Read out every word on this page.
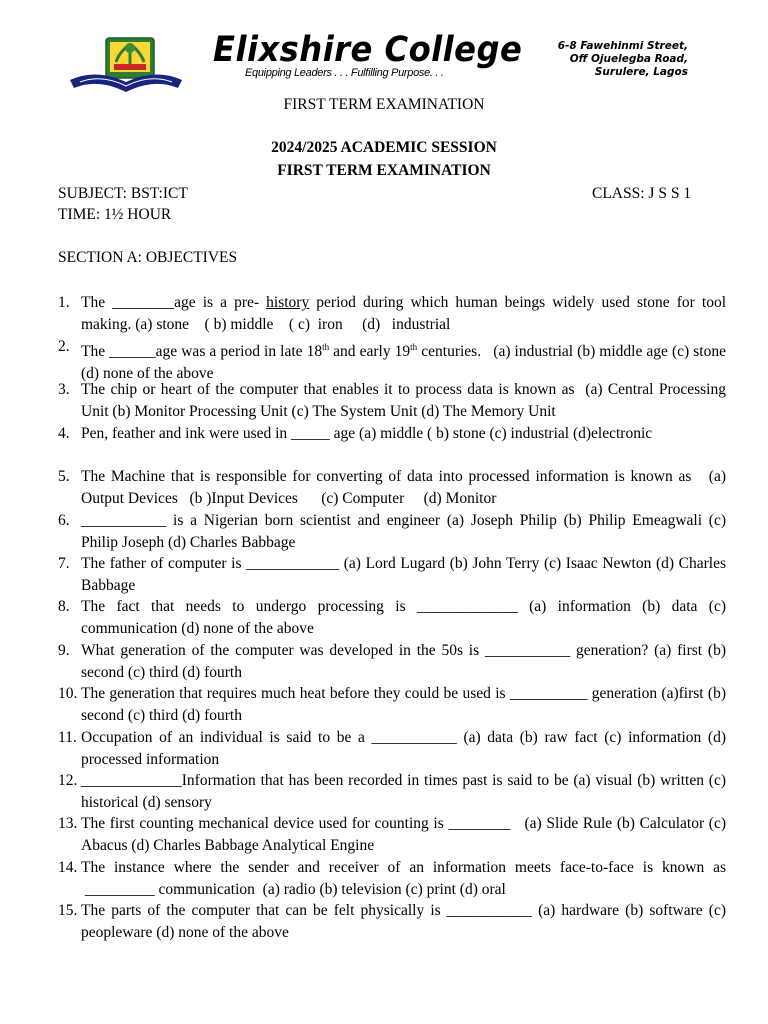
Elixshire College
Equipping Leaders . . . Fulfilling Purpose. . .
6-8 Fawehinmi Street,
Off Ojuelegba Road,
Surulere, Lagos
FIRST TERM EXAMINATION
2024/2025 ACADEMIC SESSION
FIRST TERM EXAMINATION
SUBJECT: BST:ICT	CLASS: J S S 1
TIME: 1½ HOUR
SECTION A: OBJECTIVES
1. The ________age is a pre- history period during which human beings widely used stone for tool making. (a) stone    ( b) middle    ( c)  iron     (d)   industrial
2. The ______age was a period in late 18th and early 19th centuries.   (a) industrial (b) middle age (c) stone (d) none of the above
3. The chip or heart of the computer that enables it to process data is known as  (a) Central Processing Unit (b) Monitor Processing Unit (c) The System Unit (d) The Memory Unit
4. Pen, feather and ink were used in _____ age (a) middle ( b) stone (c) industrial (d)electronic
5. The Machine that is responsible for converting of data into processed information is known as   (a) Output Devices   (b )Input Devices      (c) Computer     (d) Monitor
6. ___________ is a Nigerian born scientist and engineer (a) Joseph Philip (b) Philip Emeagwali (c) Philip Joseph (d) Charles Babbage
7. The father of computer is ____________ (a) Lord Lugard (b) John Terry (c) Isaac Newton (d) Charles Babbage
8. The fact that needs to undergo processing is _____________ (a) information (b) data (c) communication (d) none of the above
9. What generation of the computer was developed in the 50s is ___________ generation? (a) first (b) second (c) third (d) fourth
10. The generation that requires much heat before they could be used is __________ generation (a)first (b) second (c) third (d) fourth
11. Occupation of an individual is said to be a ___________ (a) data (b) raw fact (c) information (d) processed information
12. _____________Information that has been recorded in times past is said to be (a) visual (b) written (c) historical (d) sensory
13. The first counting mechanical device used for counting is ________   (a) Slide Rule (b) Calculator (c) Abacus (d) Charles Babbage Analytical Engine
14. The instance where the sender and receiver of an information meets face-to-face is known as  _________ communication  (a) radio (b) television (c) print (d) oral
15. The parts of the computer that can be felt physically is ___________ (a) hardware (b) software (c) peopleware (d) none of the above
